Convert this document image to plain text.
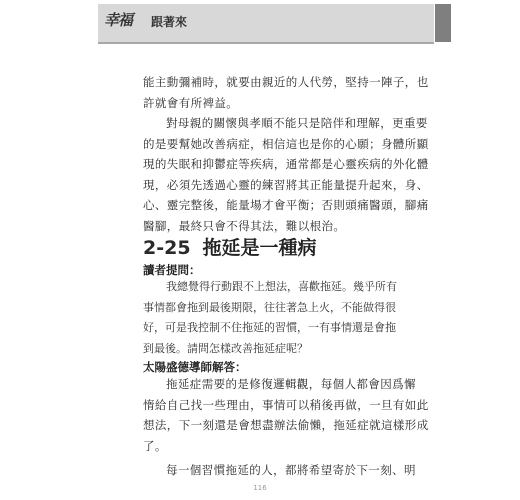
幸福 跟著來
能主動彌補時，就要由親近的人代勞，堅持一陣子，也
許就會有所裨益。
對母親的關懷與孝順不能只是陪伴和理解，更重要
的是要幫她改善病症，相信這也是你的心願；身體所顯
現的失眠和抑鬱症等疾病，通常都是心靈疾病的外化體
現，必須先透過心靈的練習將其正能量提升起來，身、
心、靈完整後，能量場才會平衡；否則頭痛醫頭，腳痛
醫腳，最終只會不得其法，難以根治。
2-25 拖延是一種病
讀者提問：
我總覺得行動跟不上想法，喜歡拖延。幾乎所有
事情都會拖到最後期限，往往著急上火，不能做得很
好，可是我控制不住拖延的習慣，一有事情還是會拖
到最後。請問怎樣改善拖延症呢？
太陽盛德導師解答：
拖延症需要的是修復邏輯觀，每個人都會因爲懈
惰給自己找一些理由，事情可以稍後再做，一旦有如此
想法，下一刻還是會想盡辦法偷懶，拖延症就這樣形成
了。
每一個習慣拖延的人，都將希望寄於下一刻、明
116
